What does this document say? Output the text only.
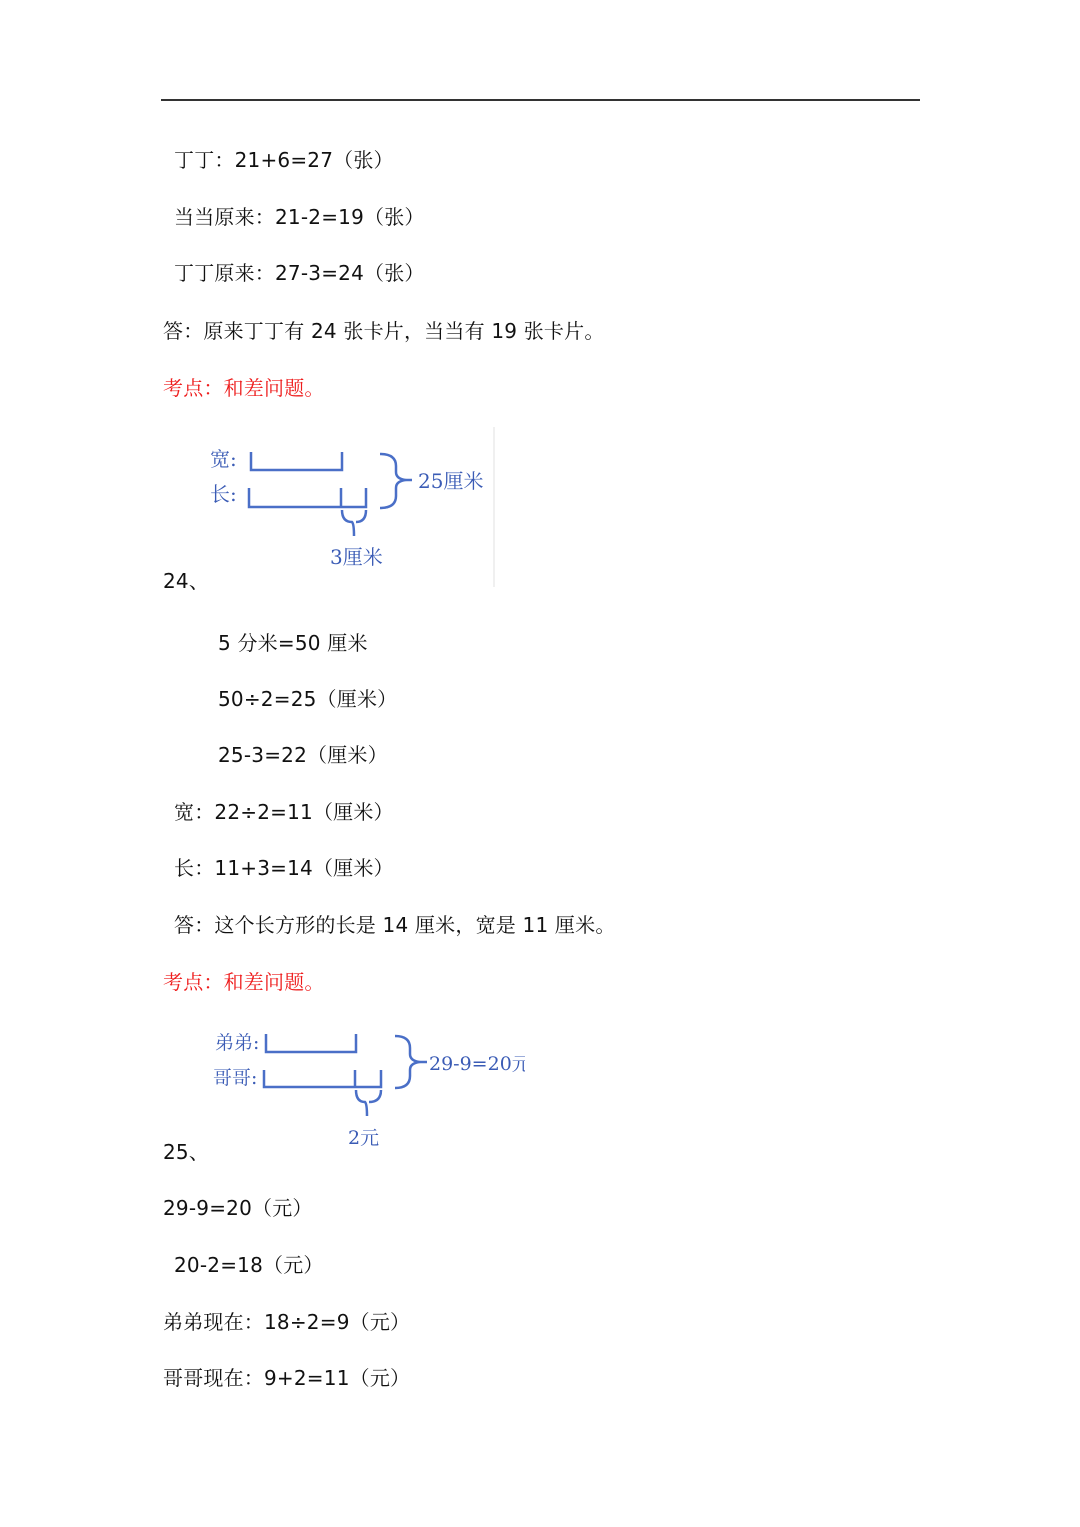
丁丁：21+6=27（张）
当当原来：21-2=19（张）
丁丁原来：27-3=24（张）
答：原来丁丁有 24 张卡片，当当有 19 张卡片。
考点：和差问题。
宽:
长:
25厘米
3厘米
24、
5 分米=50 厘米
50÷2=25（厘米）
25-3=22（厘米）
宽：22÷2=11（厘米）
长：11+3=14（厘米）
答：这个长方形的长是 14 厘米，宽是 11 厘米。
考点：和差问题。
弟弟:
哥哥:
29-9=20元
2元
25、
29-9=20（元）
20-2=18（元）
弟弟现在：18÷2=9（元）
哥哥现在：9+2=11（元）
